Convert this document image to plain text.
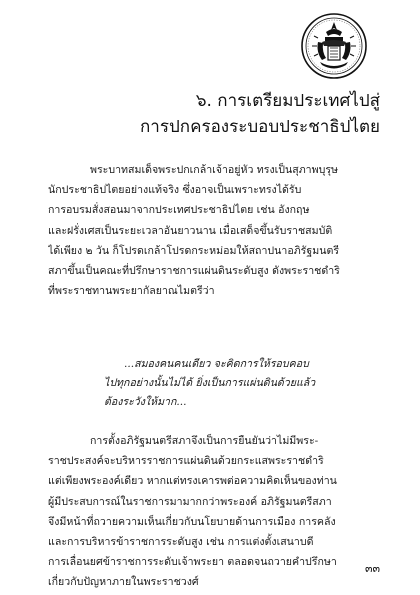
๖. การเตรียมประเทศไปสู่
การปกครองระบอบประชาธิปไตย
พระบาทสมเด็จพระปกเกล้าเจ้าอยู่หัว ทรงเป็นสุภาพบุรุษ
นักประชาธิปไตยอย่างแท้จริง ซึ่งอาจเป็นเพราะทรงได้รับ
การอบรมสั่งสอนมาจากประเทศประชาธิปไตย เช่น อังกฤษ
และฝรั่งเศสเป็นระยะเวลาอันยาวนาน เมื่อเสด็จขึ้นรับราชสมบัติ
ได้เพียง ๒ วัน ก็โปรดเกล้าโปรดกระหม่อมให้สถาปนาอภิรัฐมนตรี
สภาขึ้นเป็นคณะที่ปรึกษาราชการแผ่นดินระดับสูง ดังพระราชดำริ
ที่พระราชทานพระยากัลยาณไมตรีว่า
...สมองคนคนเดียว จะคิดการให้รอบคอบ
ไปทุกอย่างนั้นไม่ได้ ยิ่งเป็นการแผ่นดินด้วยแล้ว
ต้องระวังให้มาก...
การตั้งอภิรัฐมนตรีสภาจึงเป็นการยืนยันว่าไม่มีพระ-
ราชประสงค์จะบริหารราชการแผ่นดินด้วยกระแสพระราชดำริ
แต่เพียงพระองค์เดียว หากแต่ทรงเคารพต่อความคิดเห็นของท่าน
ผู้มีประสบการณ์ในราชการมามากกว่าพระองค์ อภิรัฐมนตรีสภา
จึงมีหน้าที่ถวายความเห็นเกี่ยวกับนโยบายด้านการเมือง การคลัง
และการบริหารข้าราชการระดับสูง เช่น การแต่งตั้งเสนาบดี
การเลื่อนยศข้าราชการระดับเจ้าพระยา ตลอดจนถวายคำปรึกษา
เกี่ยวกับปัญหาภายในพระราชวงศ์
๓๓
